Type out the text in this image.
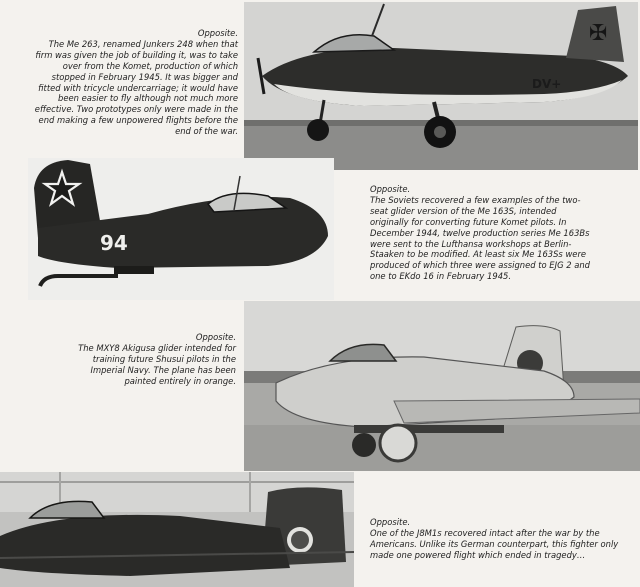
Opposite.
The Me 263, renamed Junkers 248 when that firm was given the job of building it, was to take over from the Komet, production of which stopped in February 1945. It was bigger and fitted with tricycle undercarriage; it would have been easier to fly although not much more effective. Two prototypes only were made in the end making a few unpowered flights before the end of the war.

✠
DV+
94

Opposite.
The Soviets recovered a few examples of the two-seat glider version of the Me 163S, intended originally for converting future Komet pilots. In December 1944, twelve production series Me 163Bs were sent to the Lufthansa workshops at Berlin-Staaken to be modified. At least six Me 163Ss were produced of which three were assigned to EJG 2 and one to EKdo 16 in February 1945.

Opposite.
The MXY8 Akigusa glider intended for training future Shusui pilots in the Imperial Navy. The plane has been painted entirely in orange.

Opposite.
One of the J8M1s recovered intact after the war by the Americans. Unlike its German counterpart, this fighter only made one powered flight which ended in tragedy…
